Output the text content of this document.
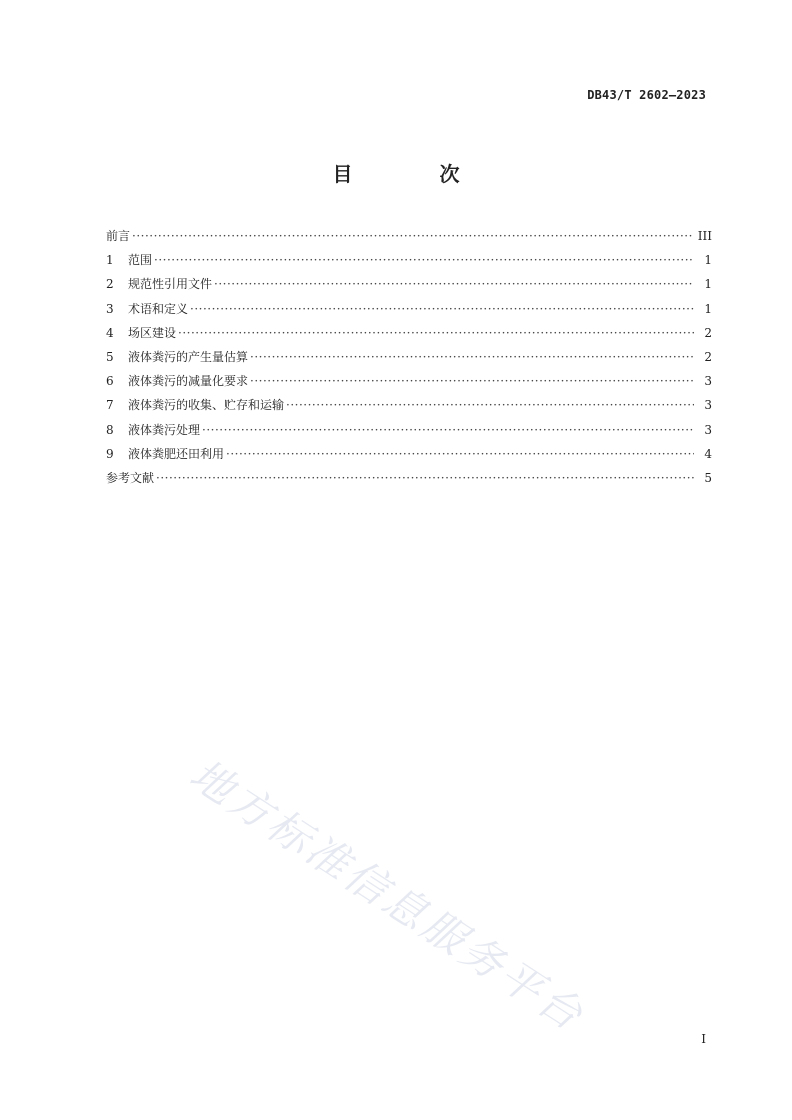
DB43/T 2602—2023
目 次
前言 ·····	III
1	范围 ·····	1
2	规范性引用文件 ·····	1
3	术语和定义 ·····	1
4	场区建设 ·····	2
5	液体粪污的产生量估算 ·····	2
6	液体粪污的减量化要求 ·····	3
7	液体粪污的收集、贮存和运输 ·····	3
8	液体粪污处理 ·····	3
9	液体粪肥还田利用 ·····	4
参考文献 ·····	5
地方标准信息服务平台	I
